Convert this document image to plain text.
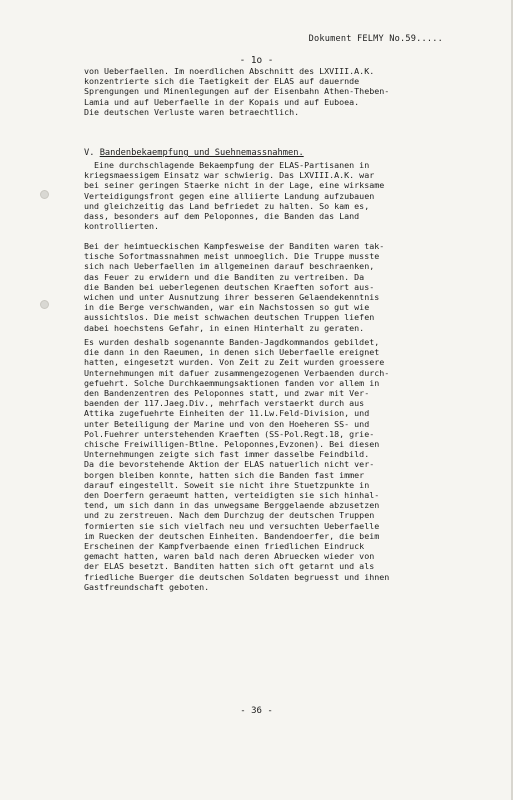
Dokument FELMY No.59.....
- 1o -
von Ueberfaellen. Im noerdlichen Abschnitt des LXVIII.A.K.
konzentrierte sich die Taetigkeit der ELAS auf dauernde
Sprengungen und Minenlegungen auf der Eisenbahn Athen-Theben-
Lamia und auf Ueberfaelle in der Kopais und auf Euboea.
Die deutschen Verluste waren betraechtlich.
V. Bandenbekaempfung und Suehnemassnahmen.
Eine durchschlagende Bekaempfung der ELAS-Partisanen in
kriegsmaessigem Einsatz war schwierig. Das LXVIII.A.K. war
bei seiner geringen Staerke nicht in der Lage, eine wirksame
Verteidigungsfront gegen eine alliierte Landung aufzubauen
und gleichzeitig das Land befriedet zu halten. So kam es,
dass, besonders auf dem Peloponnes, die Banden das Land
kontrollierten.
Bei der heimtueckischen Kampfesweise der Banditen waren tak-
tische Sofortmassnahmen meist unmoeglich. Die Truppe musste
sich nach Ueberfaellen im allgemeinen darauf beschraenken,
das Feuer zu erwidern und die Banditen zu vertreiben. Da
die Banden bei ueberlegenen deutschen Kraeften sofort aus-
wichen und unter Ausnutzung ihrer besseren Gelaendekenntnis
in die Berge verschwanden, war ein Nachstossen so gut wie
aussichtslos. Die meist schwachen deutschen Truppen liefen
dabei hoechstens Gefahr, in einen Hinterhalt zu geraten.
Es wurden deshalb sogenannte Banden-Jagdkommandos gebildet,
die dann in den Raeumen, in denen sich Ueberfaelle ereignet
hatten, eingesetzt wurden. Von Zeit zu Zeit wurden groessere
Unternehmungen mit dafuer zusammengezogenen Verbaenden durch-
gefuehrt. Solche Durchkaemmungsaktionen fanden vor allem in
den Bandenzentren des Peloponnes statt, und zwar mit Ver-
baenden der 117.Jaeg.Div., mehrfach verstaerkt durch aus
Attika zugefuehrte Einheiten der 11.Lw.Feld-Division, und
unter Beteiligung der Marine und von den Hoeheren SS- und
Pol.Fuehrer unterstehenden Kraeften (SS-Pol.Regt.18, grie-
chische Freiwilligen-Btlne. Peloponnes,Evzonen). Bei diesen
Unternehmungen zeigte sich fast immer dasselbe Feindbild.
Da die bevorstehende Aktion der ELAS natuerlich nicht ver-
borgen bleiben konnte, hatten sich die Banden fast immer
darauf eingestellt. Soweit sie nicht ihre Stuetzpunkte in
den Doerfern geraeumt hatten, verteidigten sie sich hinhal-
tend, um sich dann in das unwegsame Berggelaende abzusetzen
und zu zerstreuen. Nach dem Durchzug der deutschen Truppen
formierten sie sich vielfach neu und versuchten Ueberfaelle
im Ruecken der deutschen Einheiten. Bandendoerfer, die beim
Erscheinen der Kampfverbaende einen friedlichen Eindruck
gemacht hatten, waren bald nach deren Abruecken wieder von
der ELAS besetzt. Banditen hatten sich oft getarnt und als
friedliche Buerger die deutschen Soldaten begruesst und ihnen
Gastfreundschaft geboten.
- 36 -
